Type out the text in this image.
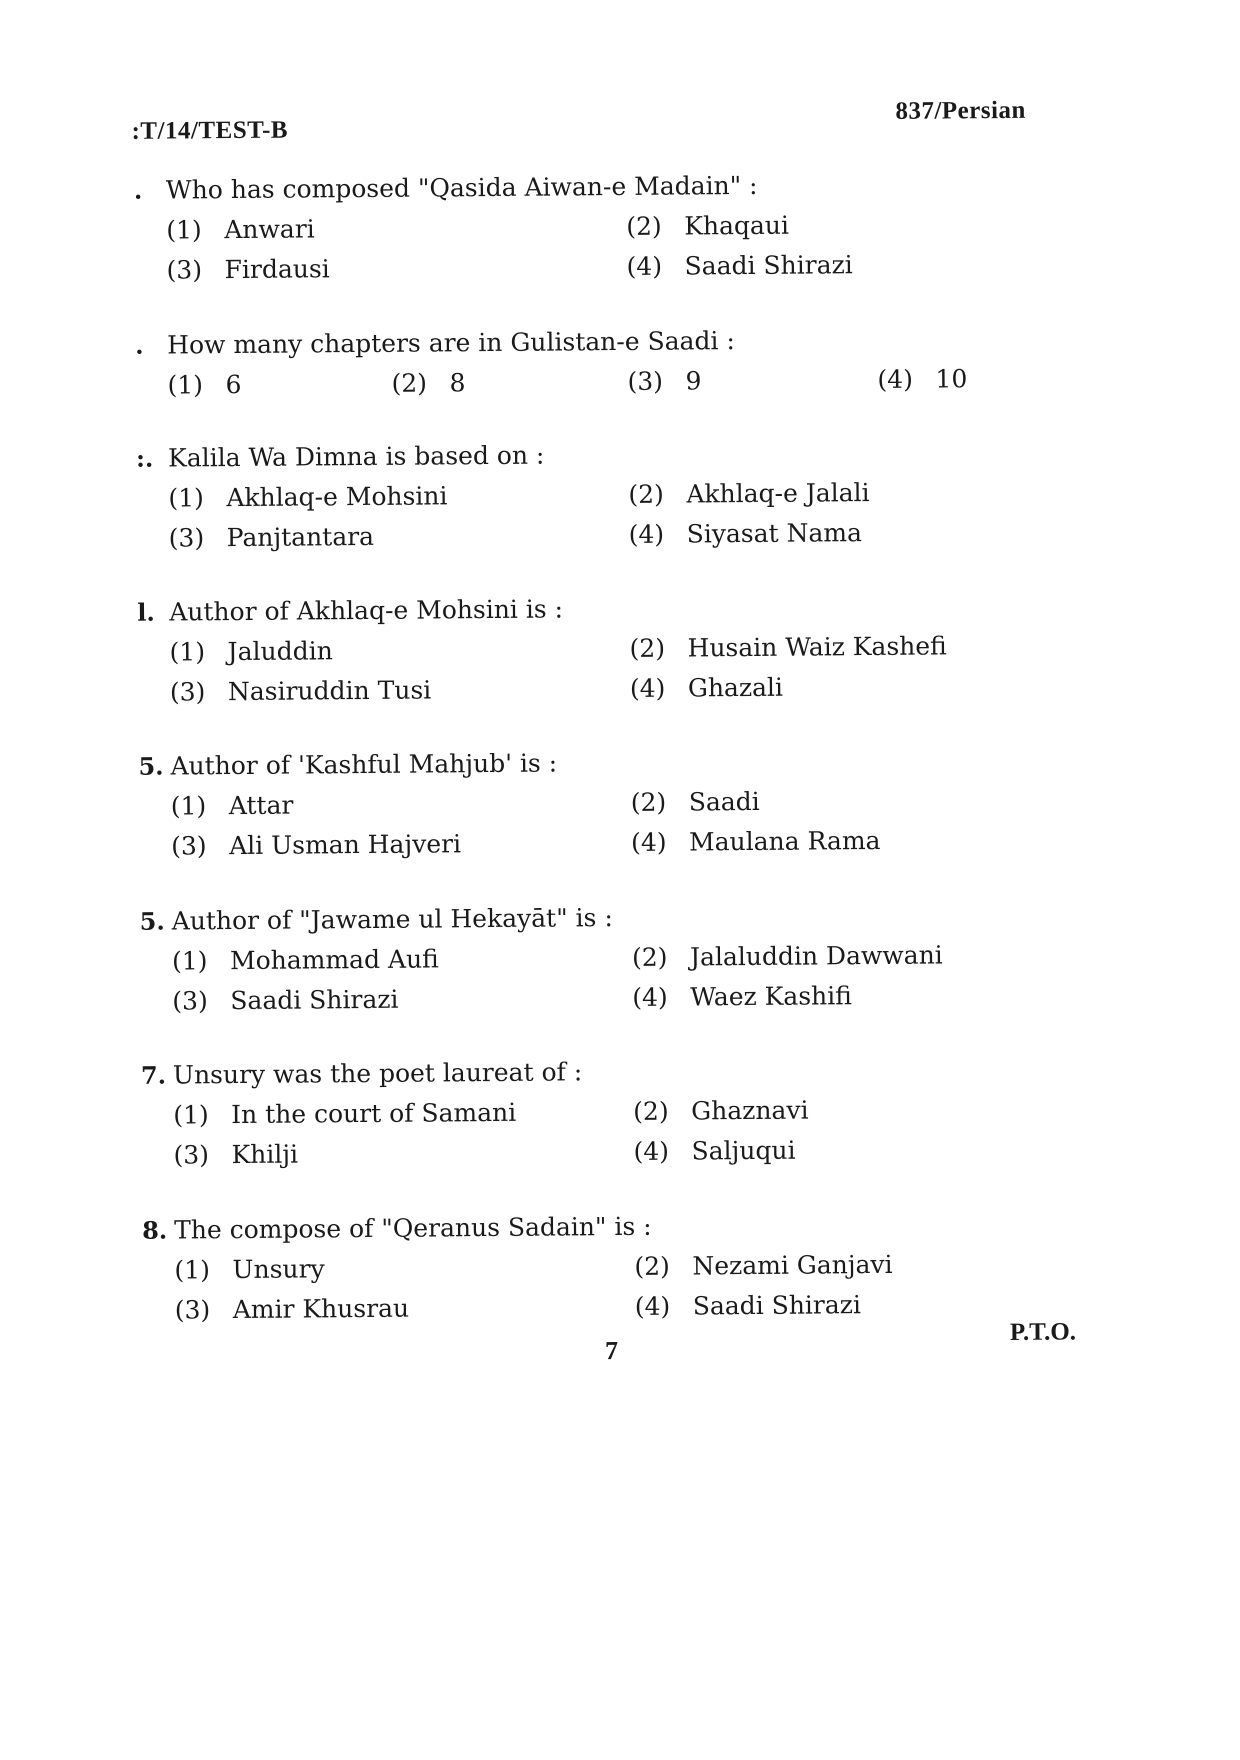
:T/14/TEST-B
837/Persian
. Who has composed "Qasida Aiwan-e Madain" :
(1) Anwari	(2) Khaqaui
(3) Firdausi	(4) Saadi Shirazi
. How many chapters are in Gulistan-e Saadi :
(1) 6	(2) 8	(3) 9	(4) 10
:. Kalila Wa Dimna is based on :
(1) Akhlaq-e Mohsini	(2) Akhlaq-e Jalali
(3) Panjtantara	(4) Siyasat Nama
l. Author of Akhlaq-e Mohsini is :
(1) Jaluddin	(2) Husain Waiz Kashefi
(3) Nasiruddin Tusi	(4) Ghazali
5. Author of 'Kashful Mahjub' is :
(1) Attar	(2) Saadi
(3) Ali Usman Hajveri	(4) Maulana Rama
5. Author of "Jawame ul Hekayāt" is :
(1) Mohammad Aufi	(2) Jalaluddin Dawwani
(3) Saadi Shirazi	(4) Waez Kashifi
7. Unsury was the poet laureat of :
(1) In the court of Samani	(2) Ghaznavi
(3) Khilji	(4) Saljuqui
8. The compose of "Qeranus Sadain" is :
(1) Unsury	(2) Nezami Ganjavi
(3) Amir Khusrau	(4) Saadi Shirazi
7
P.T.O.
